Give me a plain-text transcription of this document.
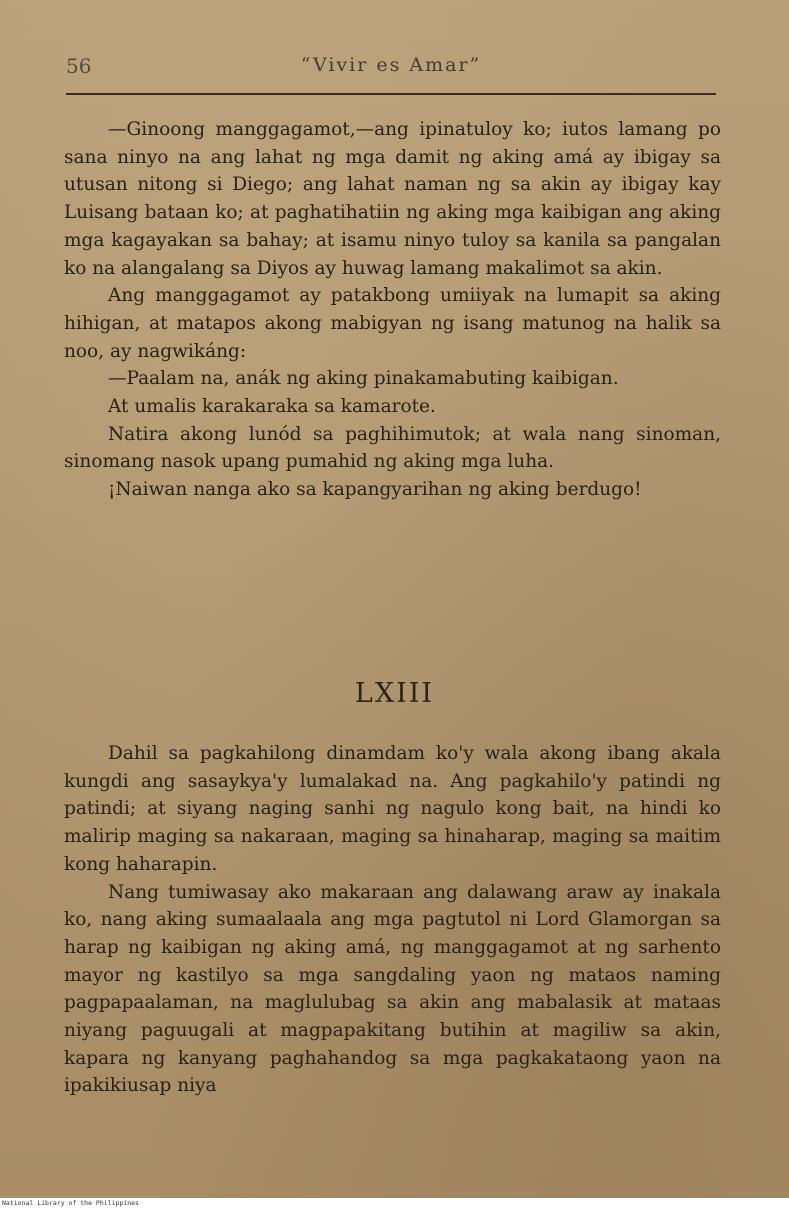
56	“Vivir es Amar”

—Ginoong manggagamot,—ang ipinatuloy ko; iutos lamang po sana ninyo na ang lahat ng mga damit ng aking amá ay ibigay sa utusan nitong si Diego; ang lahat naman ng sa akin ay ibigay kay Luisang bataan ko; at paghatihatiin ng aking mga kaibigan ang aking mga kagayakan sa bahay; at isamu ninyo tuloy sa kanila sa pangalan ko na alangalang sa Diyos ay huwag lamang makalimot sa akin.

Ang manggagamot ay patakbong umiiyak na lumapit sa aking hihigan, at matapos akong mabigyan ng isang matunog na halik sa noo, ay nagwikáng:

—Paalam na, anák ng aking pinakamabuting kaibigan.

At umalis karakaraka sa kamarote.

Natira akong lunód sa paghihimutok; at wala nang sinoman, sinomang nasok upang pumahid ng aking mga luha.

¡Naiwan nanga ako sa kapangyarihan ng aking berdugo!

LXIII

Dahil sa pagkahilong dinamdam ko'y wala akong ibang akala kungdi ang sasaykya'y lumalakad na. Ang pagkahilo'y patindi ng patindi; at siyang naging sanhi ng nagulo kong bait, na hindi ko malirip maging sa nakaraan, maging sa hinaharap, maging sa maitim kong haharapin.

Nang tumiwasay ako makaraan ang dalawang araw ay inakala ko, nang aking sumaalaala ang mga pagtutol ni Lord Glamorgan sa harap ng kaibigan ng aking amá, ng manggagamot at ng sarhento mayor ng kastilyo sa mga sangdaling yaon ng mataos naming pagpapaalaman, na maglulubag sa akin ang mabalasik at mataas niyang paguugali at magpapakitang butihin at magiliw sa akin, kapara ng kanyang paghahandog sa mga pagkakataong yaon na ipakikiusap niya

National Library of the Philippines
